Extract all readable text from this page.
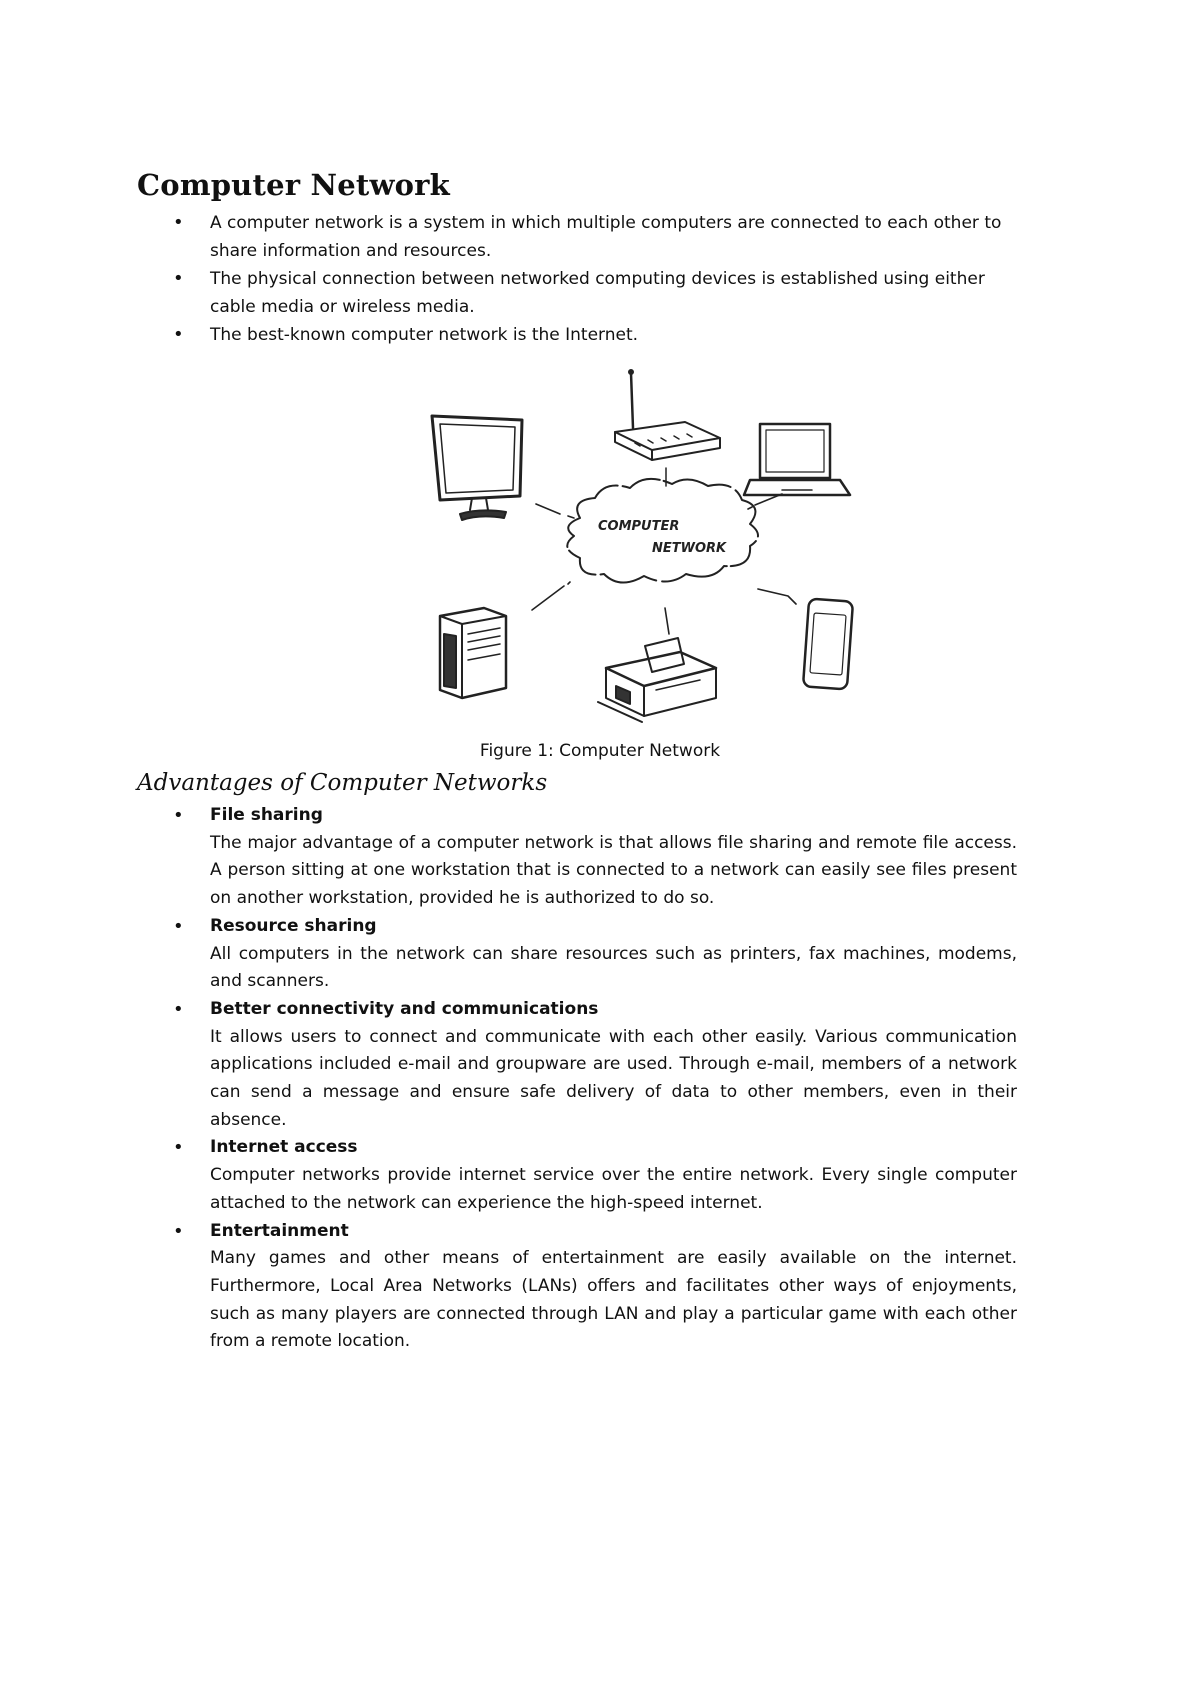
Computer Network
• A computer network is a system in which multiple computers are connected to each other to share information and resources.
• The physical connection between networked computing devices is established using either cable media or wireless media.
• The best-known computer network is the Internet.
COMPUTER
NETWORK

Figure 1: Computer Network

Advantages of Computer Networks
• File sharing
The major advantage of a computer network is that allows file sharing and remote file access. A person sitting at one workstation that is connected to a network can easily see files present on another workstation, provided he is authorized to do so.
• Resource sharing
All computers in the network can share resources such as printers, fax machines, modems, and scanners.
• Better connectivity and communications
It allows users to connect and communicate with each other easily. Various communication applications included e-mail and groupware are used. Through e-mail, members of a network can send a message and ensure safe delivery of data to other members, even in their absence.
• Internet access
Computer networks provide internet service over the entire network. Every single computer attached to the network can experience the high-speed internet.
• Entertainment
Many games and other means of entertainment are easily available on the internet. Furthermore, Local Area Networks (LANs) offers and facilitates other ways of enjoyments, such as many players are connected through LAN and play a particular game with each other from a remote location.
